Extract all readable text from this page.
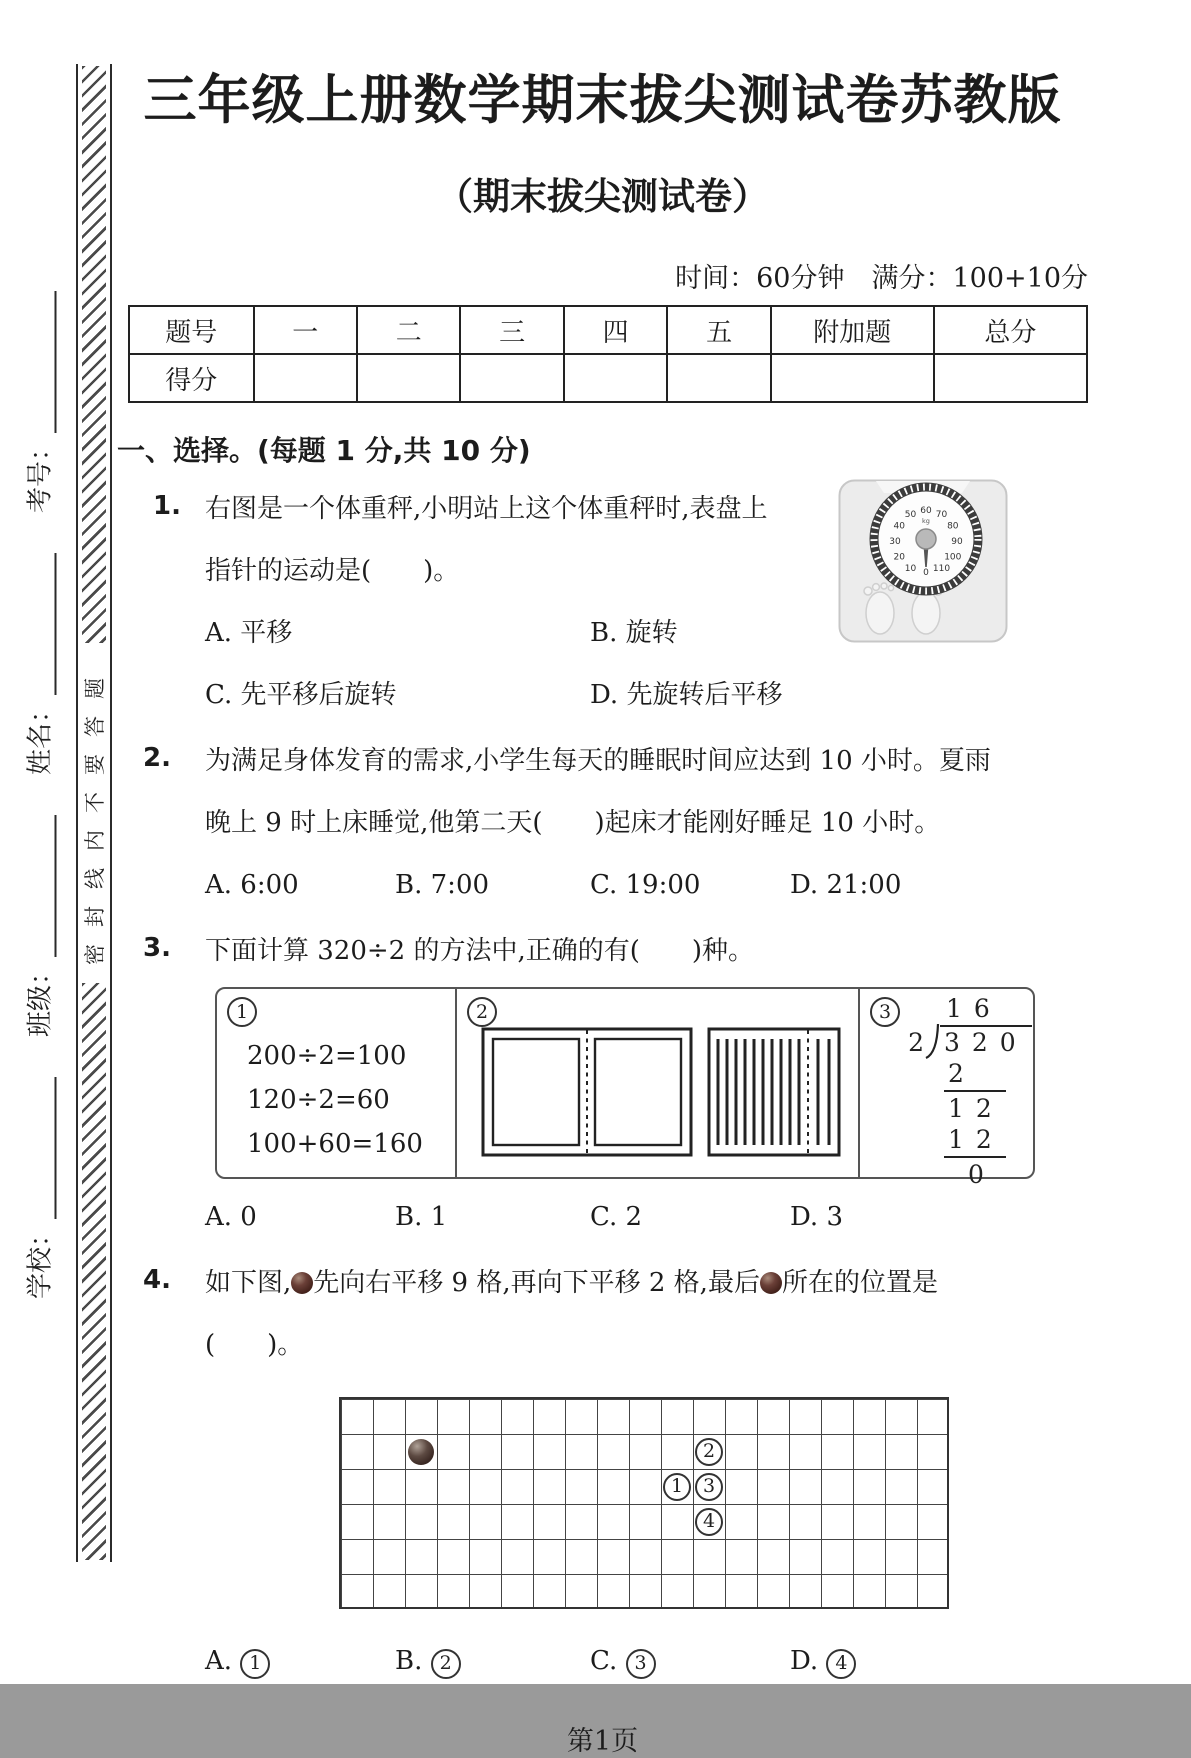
学校：
班级：
姓名：
考号：
密封线内不要答题
三年级上册数学期末拔尖测试卷苏教版
（期末拔尖测试卷）
时间：60分钟　满分：100+10分
题号	一	二	三	四	五	附加题	总分
得分							
一、选择。(每题 1 分,共 10 分)
1.
0
10
20
30
40
50 60 70
80
90
100
110
kg
右图是一个体重秤,小明站上这个体重秤时,表盘上
指针的运动是(　　)。
A. 平移	B. 旋转
C. 先平移后旋转	D. 先旋转后平移
2. 为满足身体发育的需求,小学生每天的睡眠时间应达到 10 小时。夏雨
晚上 9 时上床睡觉,他第二天(　　)起床才能刚好睡足 10 小时。
A. 6:00	B. 7:00	C. 19:00	D. 21:00
3. 下面计算 320÷2 的方法中,正确的有(　　)种。
1
200÷2=100
120÷2=60
100+60=160
2	3	16
2 320
2
12
12
0
A. 0	B. 1	C. 2	D. 3
4. 如下图, 先向右平移 9 格,再向下平移 2 格,最后 所在的位置是
(　　)。
1
2
3
4
A. 1	B. 2	C. 3	D. 4
第1页
